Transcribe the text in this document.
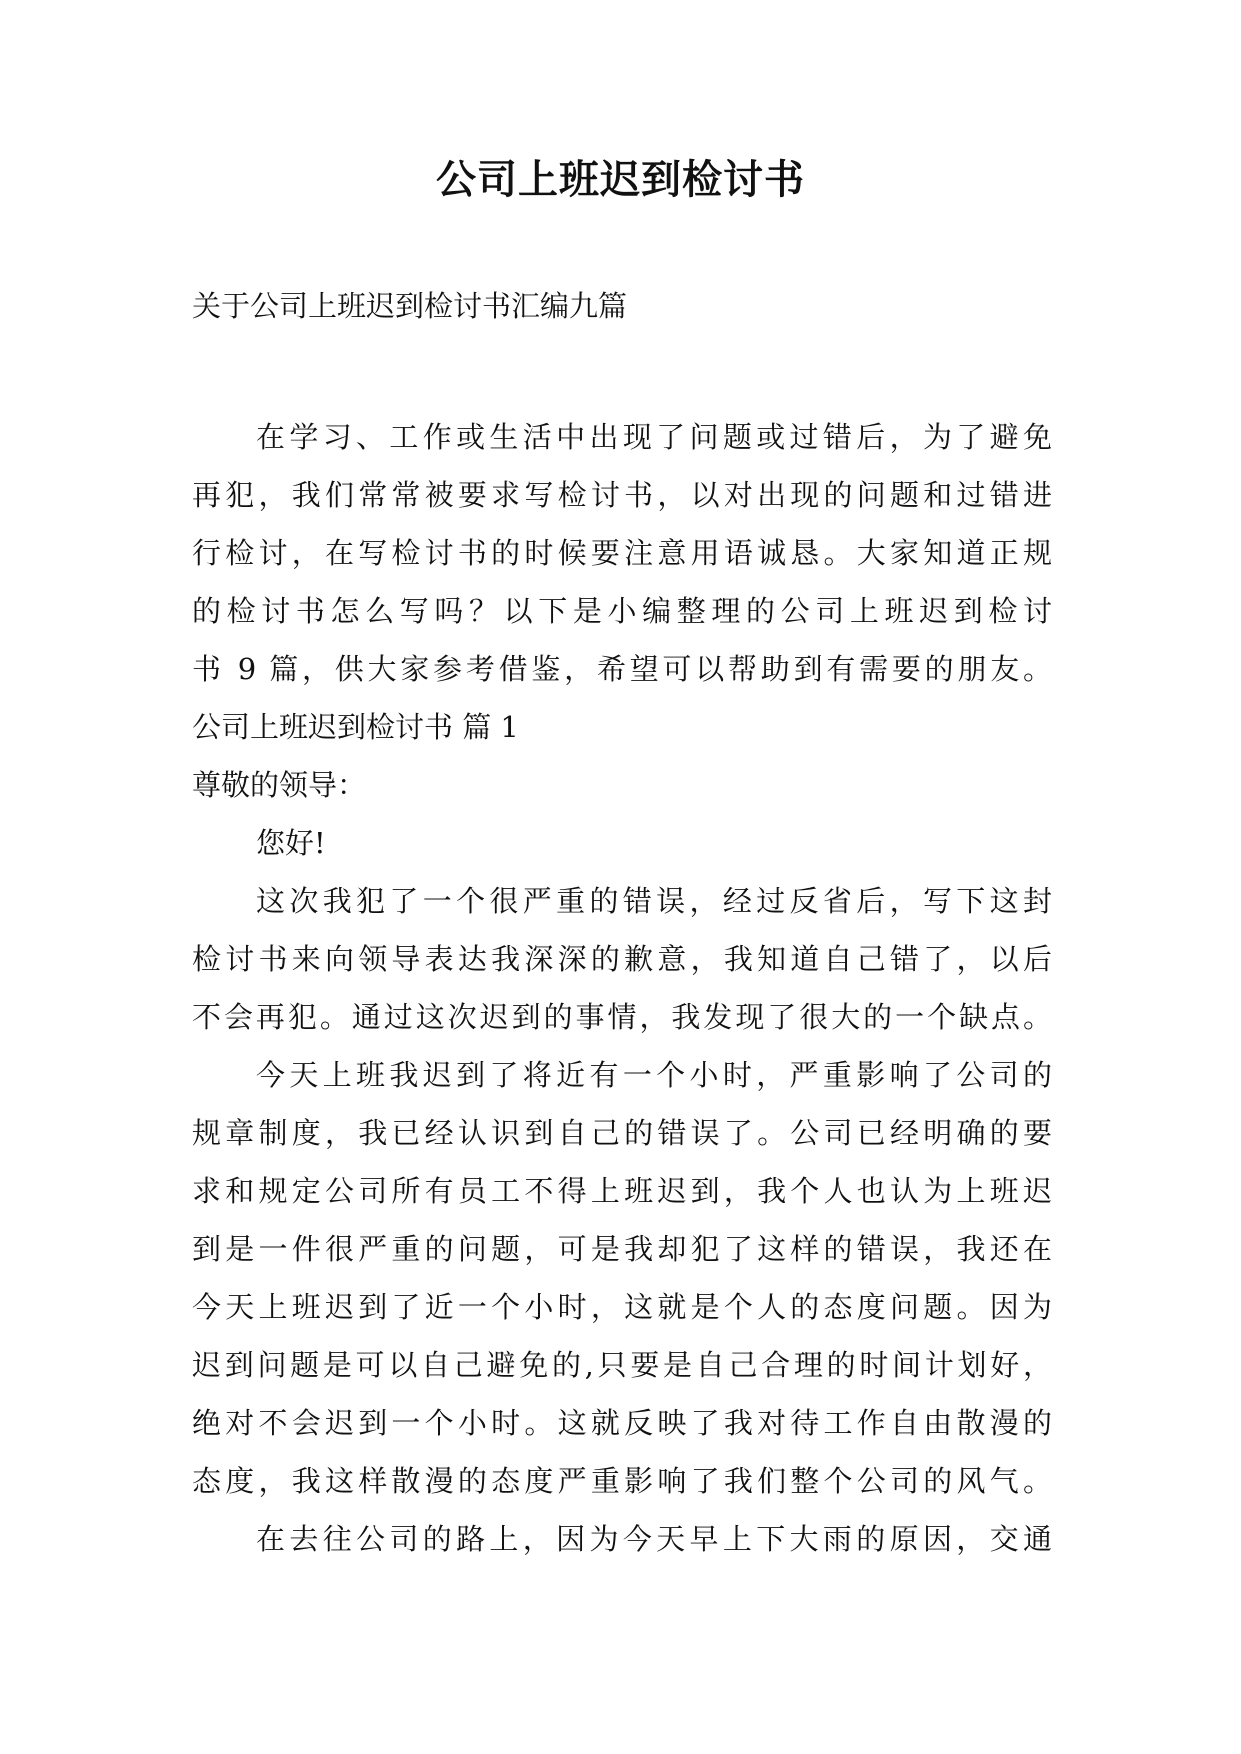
公司上班迟到检讨书

关于公司上班迟到检讨书汇编九篇

在学习、工作或生活中出现了问题或过错后，为了避免
再犯，我们常常被要求写检讨书，以对出现的问题和过错进
行检讨，在写检讨书的时候要注意用语诚恳。大家知道正规
的检讨书怎么写吗？以下是小编整理的公司上班迟到检讨
书 9 篇，供大家参考借鉴，希望可以帮助到有需要的朋友。
公司上班迟到检讨书 篇 1
尊敬的领导：
您好!
这次我犯了一个很严重的错误，经过反省后，写下这封
检讨书来向领导表达我深深的歉意，我知道自己错了，以后
不会再犯。通过这次迟到的事情，我发现了很大的一个缺点。
今天上班我迟到了将近有一个小时，严重影响了公司的
规章制度，我已经认识到自己的错误了。公司已经明确的要
求和规定公司所有员工不得上班迟到，我个人也认为上班迟
到是一件很严重的问题，可是我却犯了这样的错误，我还在
今天上班迟到了近一个小时，这就是个人的态度问题。因为
迟到问题是可以自己避免的,只要是自己合理的时间计划好，
绝对不会迟到一个小时。这就反映了我对待工作自由散漫的
态度，我这样散漫的态度严重影响了我们整个公司的风气。
在去往公司的路上，因为今天早上下大雨的原因，交通
